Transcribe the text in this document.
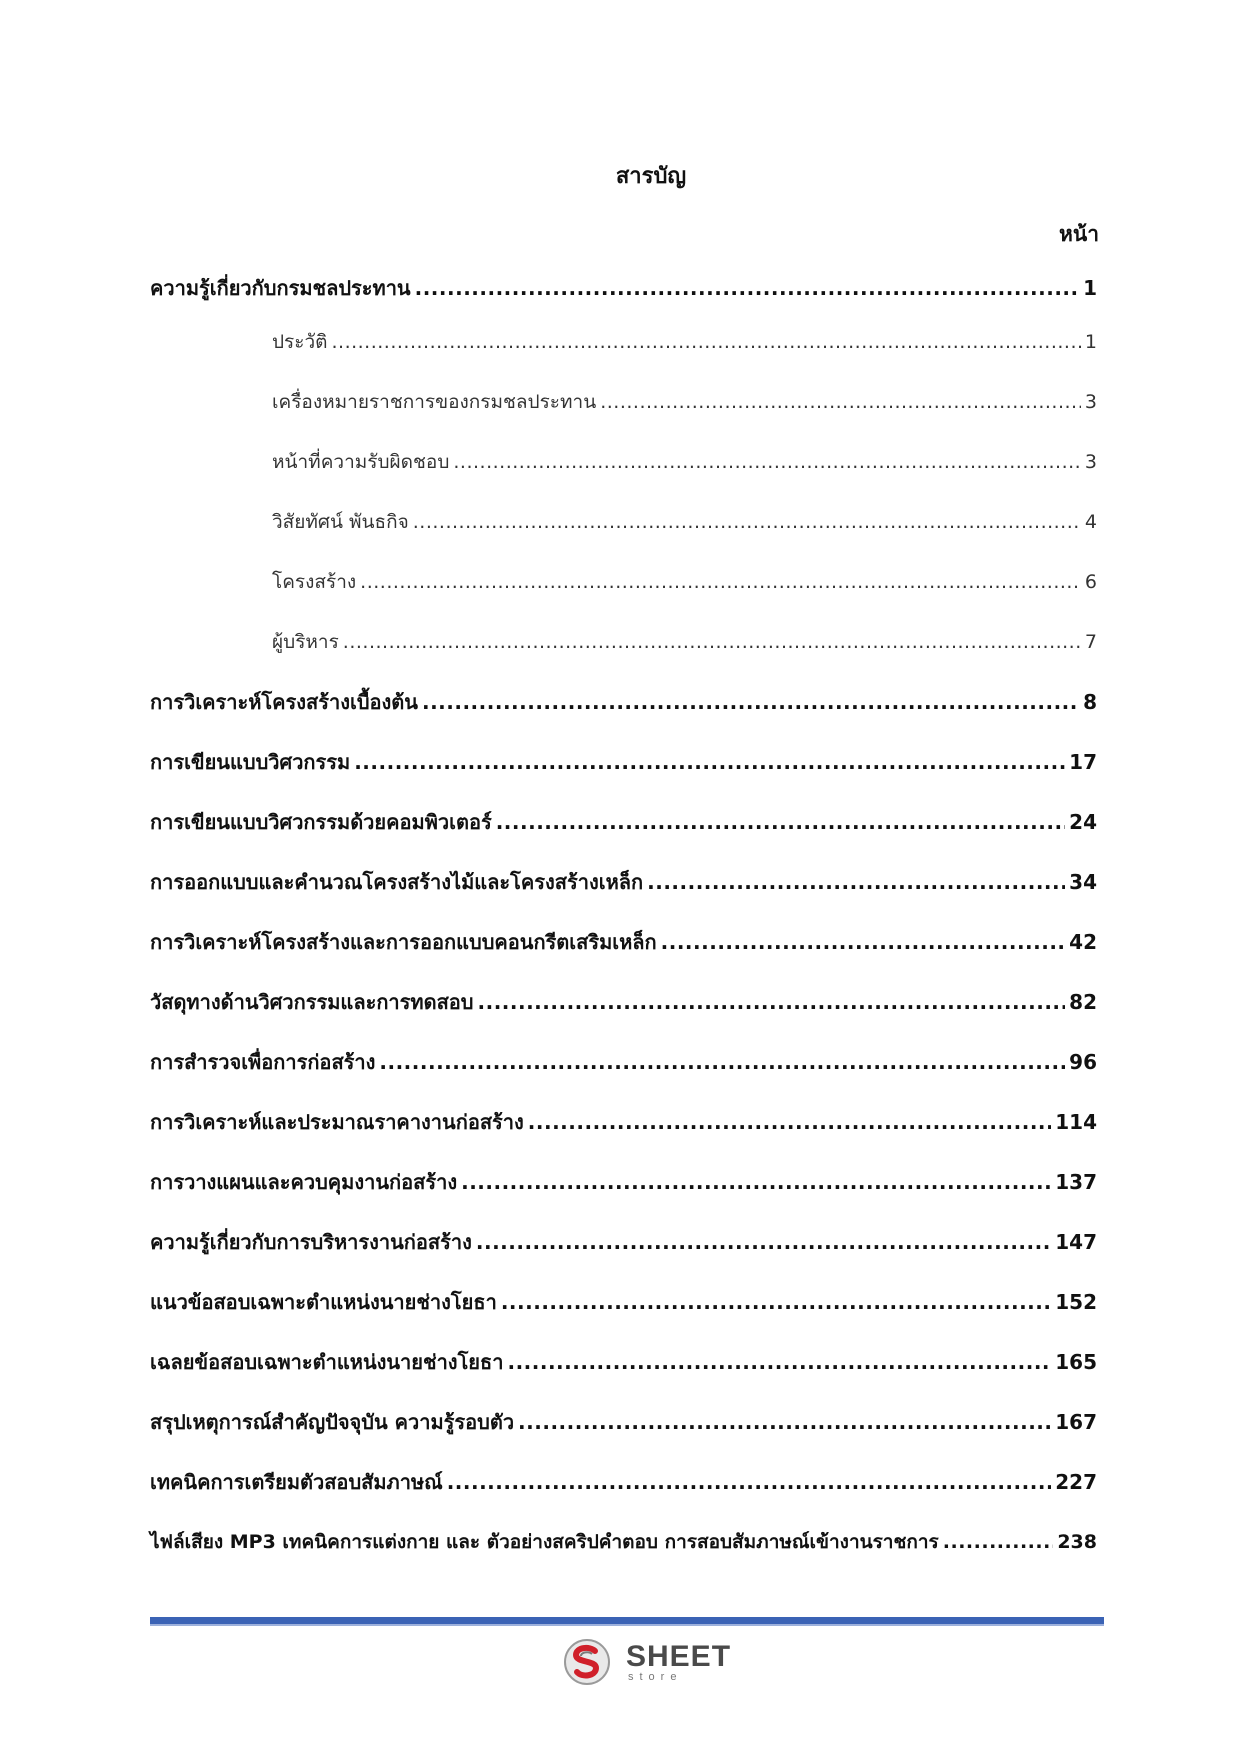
สารบัญ
หน้า
ความรู้เกี่ยวกับกรมชลประทาน .....	1
ประวัติ .....	1
เครื่องหมายราชการของกรมชลประทาน .....	3
หน้าที่ความรับผิดชอบ .....	3
วิสัยทัศน์ พันธกิจ .....	4
โครงสร้าง .....	6
ผู้บริหาร .....	7
การวิเคราะห์โครงสร้างเบื้องต้น .....	8
การเขียนแบบวิศวกรรม .....	17
การเขียนแบบวิศวกรรมด้วยคอมพิวเตอร์ .....	24
การออกแบบและคำนวณโครงสร้างไม้และโครงสร้างเหล็ก .....	34
การวิเคราะห์โครงสร้างและการออกแบบคอนกรีตเสริมเหล็ก .....	42
วัสดุทางด้านวิศวกรรมและการทดสอบ .....	82
การสำรวจเพื่อการก่อสร้าง .....	96
การวิเคราะห์และประมาณราคางานก่อสร้าง .....	114
การวางแผนและควบคุมงานก่อสร้าง .....	137
ความรู้เกี่ยวกับการบริหารงานก่อสร้าง .....	147
แนวข้อสอบเฉพาะตำแหน่งนายช่างโยธา .....	152
เฉลยข้อสอบเฉพาะตำแหน่งนายช่างโยธา .....	165
สรุปเหตุการณ์สำคัญปัจจุบัน ความรู้รอบตัว .....	167
เทคนิคการเตรียมตัวสอบสัมภาษณ์ .....	227
ไฟล์เสียง MP3 เทคนิคการแต่งกาย และ ตัวอย่างสคริปคำตอบ การสอบสัมภาษณ์เข้างานราชการ .....	238
SHEET
store
